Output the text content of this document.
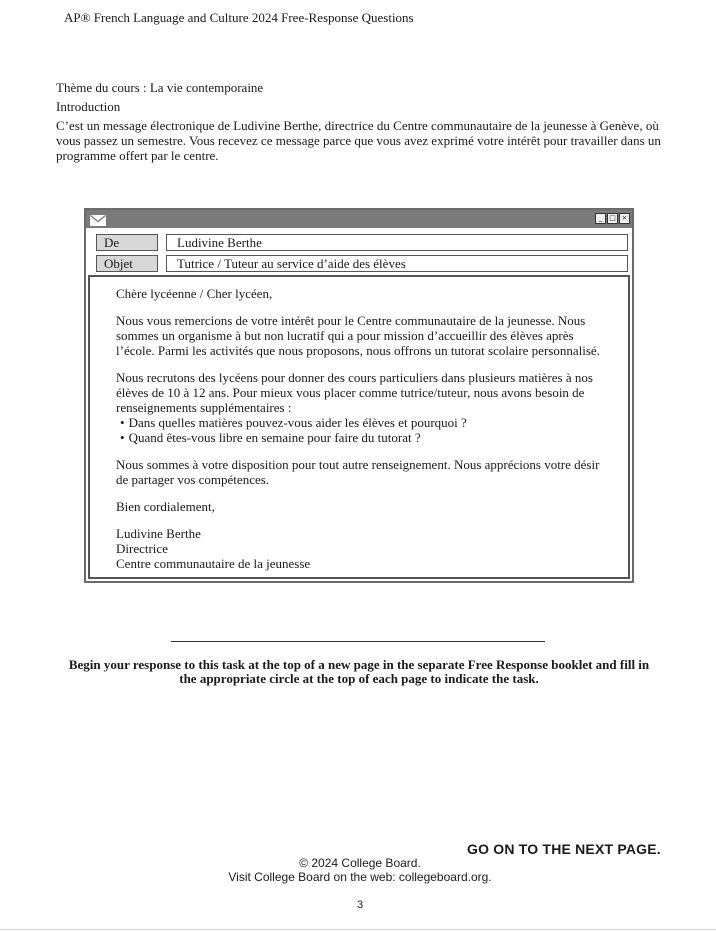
AP® French Language and Culture 2024 Free-Response Questions
Thème du cours : La vie contemporaine
Introduction
C’est un message électronique de Ludivine Berthe, directrice du Centre communautaire de la jeunesse à Genève, où vous passez un semestre. Vous recevez ce message parce que vous avez exprimé votre intérêt pour travailler dans un programme offert par le centre.
_ □ ×
De	Ludivine Berthe
Objet	Tutrice / Tuteur au service d’aide des élèves

Chère lycéenne / Cher lycéen,

Nous vous remercions de votre intérêt pour le Centre communautaire de la jeunesse. Nous sommes un organisme à but non lucratif qui a pour mission d’accueillir des élèves après l’école. Parmi les activités que nous proposons, nous offrons un tutorat scolaire personnalisé.

Nous recrutons des lycéens pour donner des cours particuliers dans plusieurs matières à nos élèves de 10 à 12 ans. Pour mieux vous placer comme tutrice/tuteur, nous avons besoin de renseignements supplémentaires :

• Dans quelles matières pouvez-vous aider les élèves et pourquoi ?
• Quand êtes-vous libre en semaine pour faire du tutorat ?

Nous sommes à votre disposition pour tout autre renseignement. Nous apprécions votre désir de partager vos compétences.

Bien cordialement,

Ludivine Berthe
Directrice
Centre communautaire de la jeunesse
Begin your response to this task at the top of a new page in the separate Free Response booklet and fill in the appropriate circle at the top of each page to indicate the task.
GO ON TO THE NEXT PAGE.
© 2024 College Board.
Visit College Board on the web: collegeboard.org.
3
